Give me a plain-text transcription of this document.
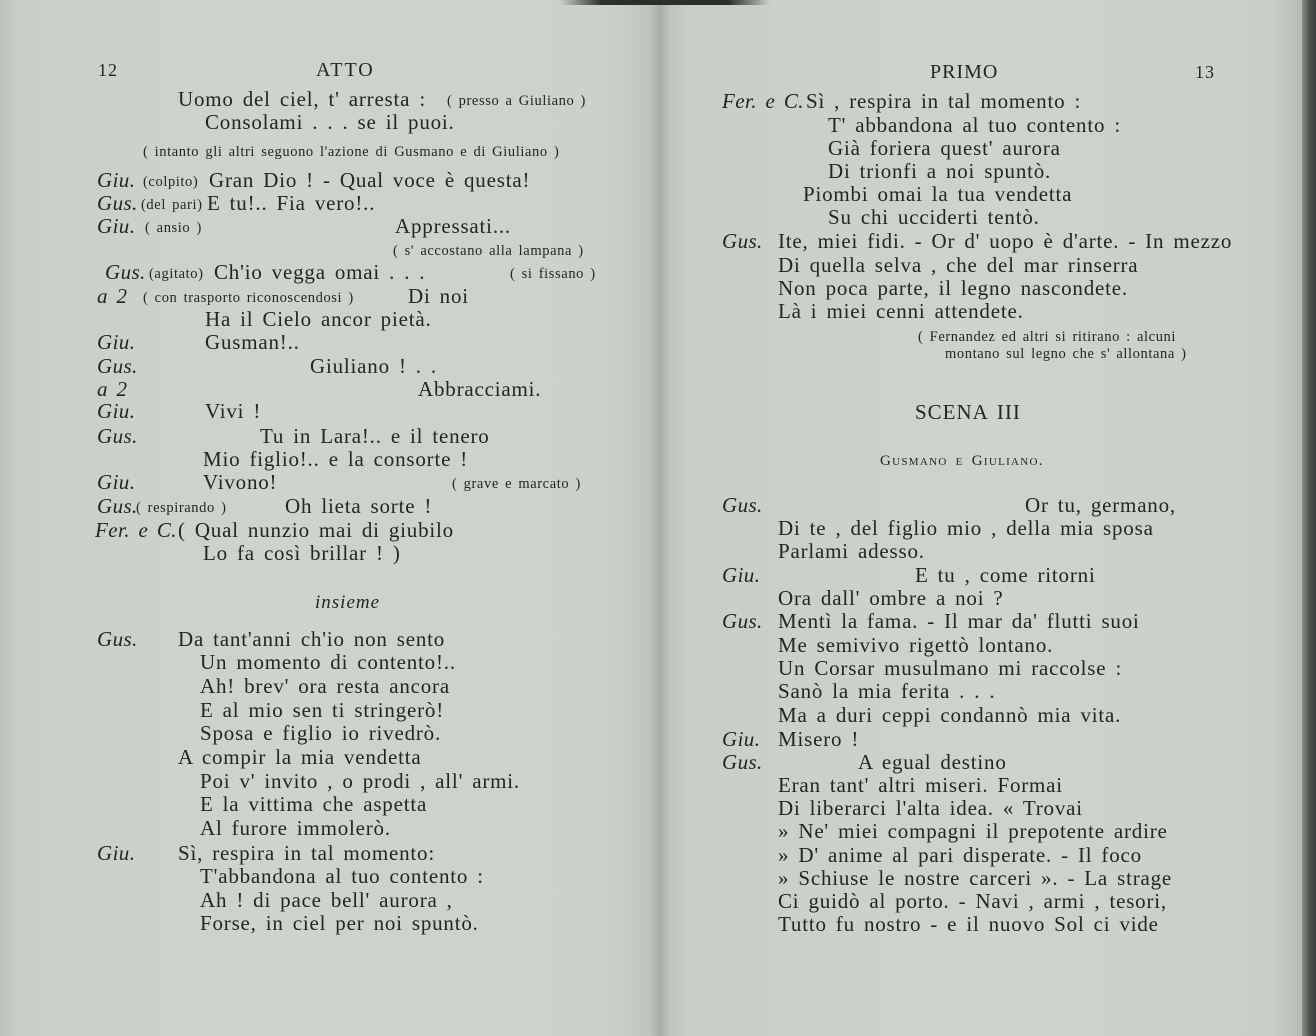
12	ATTO
Uomo del ciel, t' arresta : ( presso a Giuliano )
Consolami . . . se il puoi.
( intanto gli altri seguono l'azione di Gusmano e di Giuliano )
Giu. (colpito) Gran Dio ! - Qual voce è questa!
Gus. (del pari) E tu!.. Fia vero!..
Giu. ( ansio )	Appressati...
( s' accostano alla lampana )
Gus. (agitato) Ch'io vegga omai . . .	( si fissano )
a 2 ( con trasporto riconoscendosi )	Di noi
Ha il Cielo ancor pietà.
Giu.	Gusman!..
Gus.	Giuliano ! . .
a 2	Abbracciami.
Giu.	Vivi !
Gus.	Tu in Lara!.. e il tenero
Mio figlio!.. e la consorte !
Giu.	Vivono!	( grave e marcato )
Gus.
( respirando )	Oh lieta sorte !
Fer. e C. ( Qual nunzio mai di giubilo
Lo fa così brillar ! )
insieme
Gus. Da tant'anni ch'io non sento
Un momento di contento!..
Ah! brev' ora resta ancora
E al mio sen ti stringerò!
Sposa e figlio io rivedrò.
A compir la mia vendetta
Poi v' invito , o prodi , all' armi.
E la vittima che aspetta
Al furore immolerò.
Giu. Sì, respira in tal momento:
T'abbandona al tuo contento :
Ah ! di pace bell' aurora ,
Forse, in ciel per noi spuntò.
PRIMO	13
Fer. e C. Sì , respira in tal momento :
T' abbandona al tuo contento :
Già foriera quest' aurora
Di trionfi a noi spuntò.
Piombi omai la tua vendetta
Su chi ucciderti tentò.
Gus. Ite, miei fidi. - Or d' uopo è d'arte. - In mezzo
Di quella selva , che del mar rinserra
Non poca parte, il legno nascondete.
Là i miei cenni attendete.
( Fernandez ed altri si ritirano : alcuni
montano sul legno che s' allontana )
SCENA III
Gusmano e Giuliano.
Gus.	Or tu, germano,
Di te , del figlio mio , della mia sposa
Parlami adesso.
Giu.	E tu , come ritorni
Ora dall' ombre a noi ?
Gus. Mentì la fama. - Il mar da' flutti suoi
Me semivivo rigettò lontano.
Un Corsar musulmano mi raccolse :
Sanò la mia ferita . . .
Ma a duri ceppi condannò mia vita.
Giu. Misero !
Gus.	A egual destino
Eran tant' altri miseri. Formai
Di liberarci l'alta idea. « Trovai
» Ne' miei compagni il prepotente ardire
» D' anime al pari disperate. - Il foco
» Schiuse le nostre carceri ». - La strage
Ci guidò al porto. - Navi , armi , tesori,
Tutto fu nostro - e il nuovo Sol ci vide
